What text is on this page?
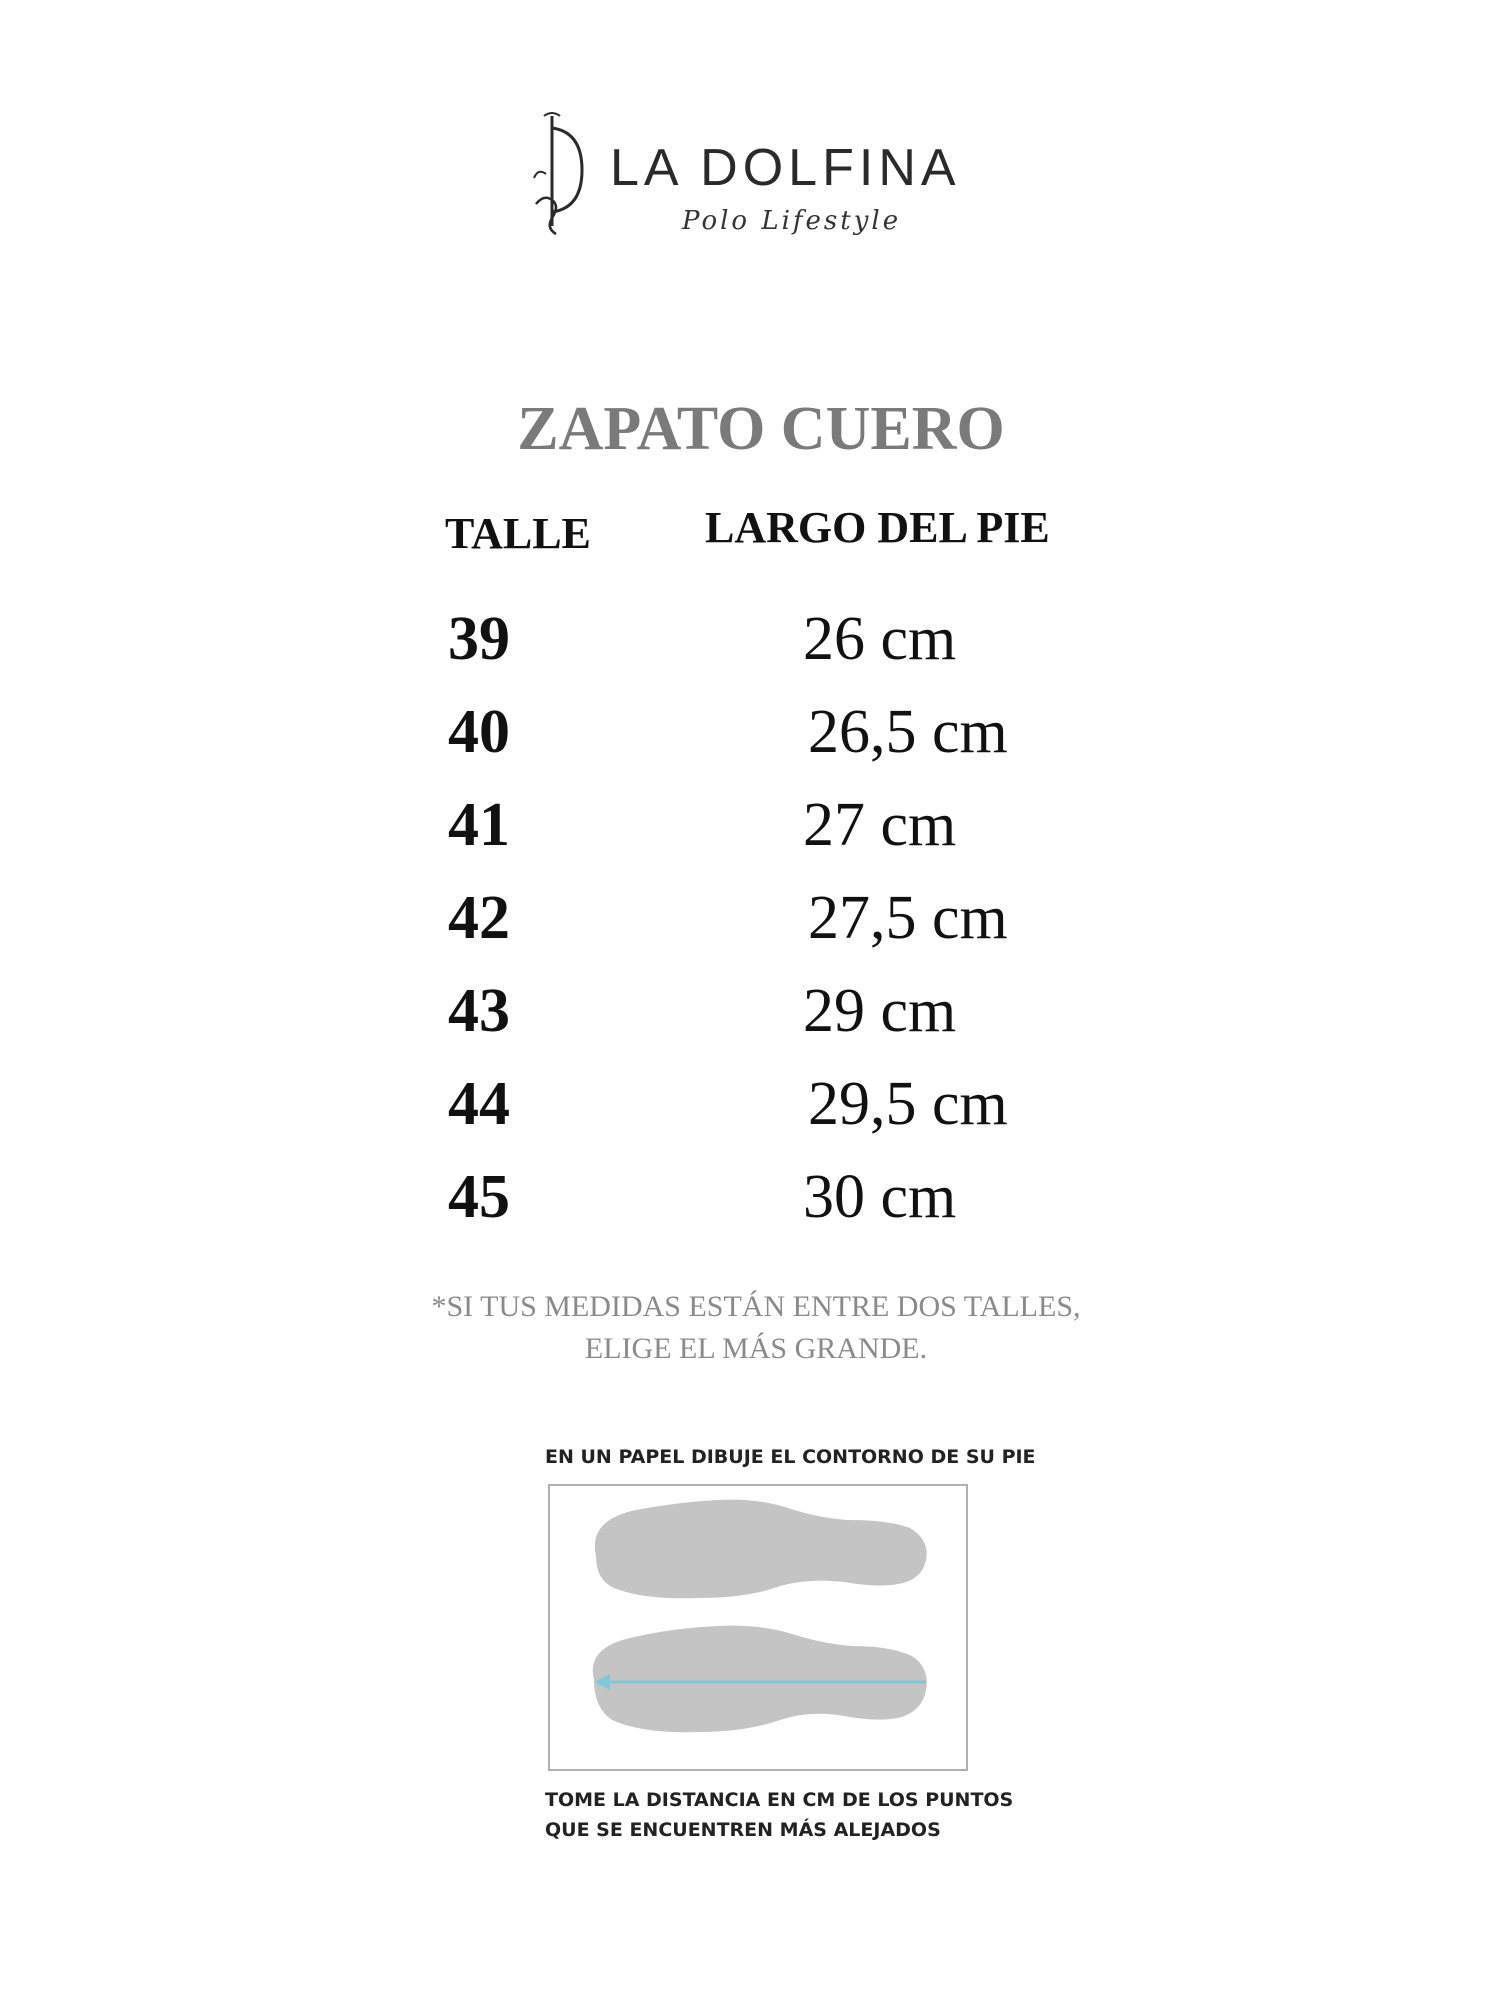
LA DOLFINA
Polo Lifestyle
ZAPATO CUERO
TALLE	LARGO DEL PIE
39	26 cm
40	26,5 cm
41	27 cm
42	27,5 cm
43	29 cm
44	29,5 cm
45	30 cm
*SI TUS MEDIDAS ESTÁN ENTRE DOS TALLES,
ELIGE EL MÁS GRANDE.
EN UN PAPEL DIBUJE EL CONTORNO DE SU PIE
TOME LA DISTANCIA EN CM DE LOS PUNTOS
QUE SE ENCUENTREN MÁS ALEJADOS
